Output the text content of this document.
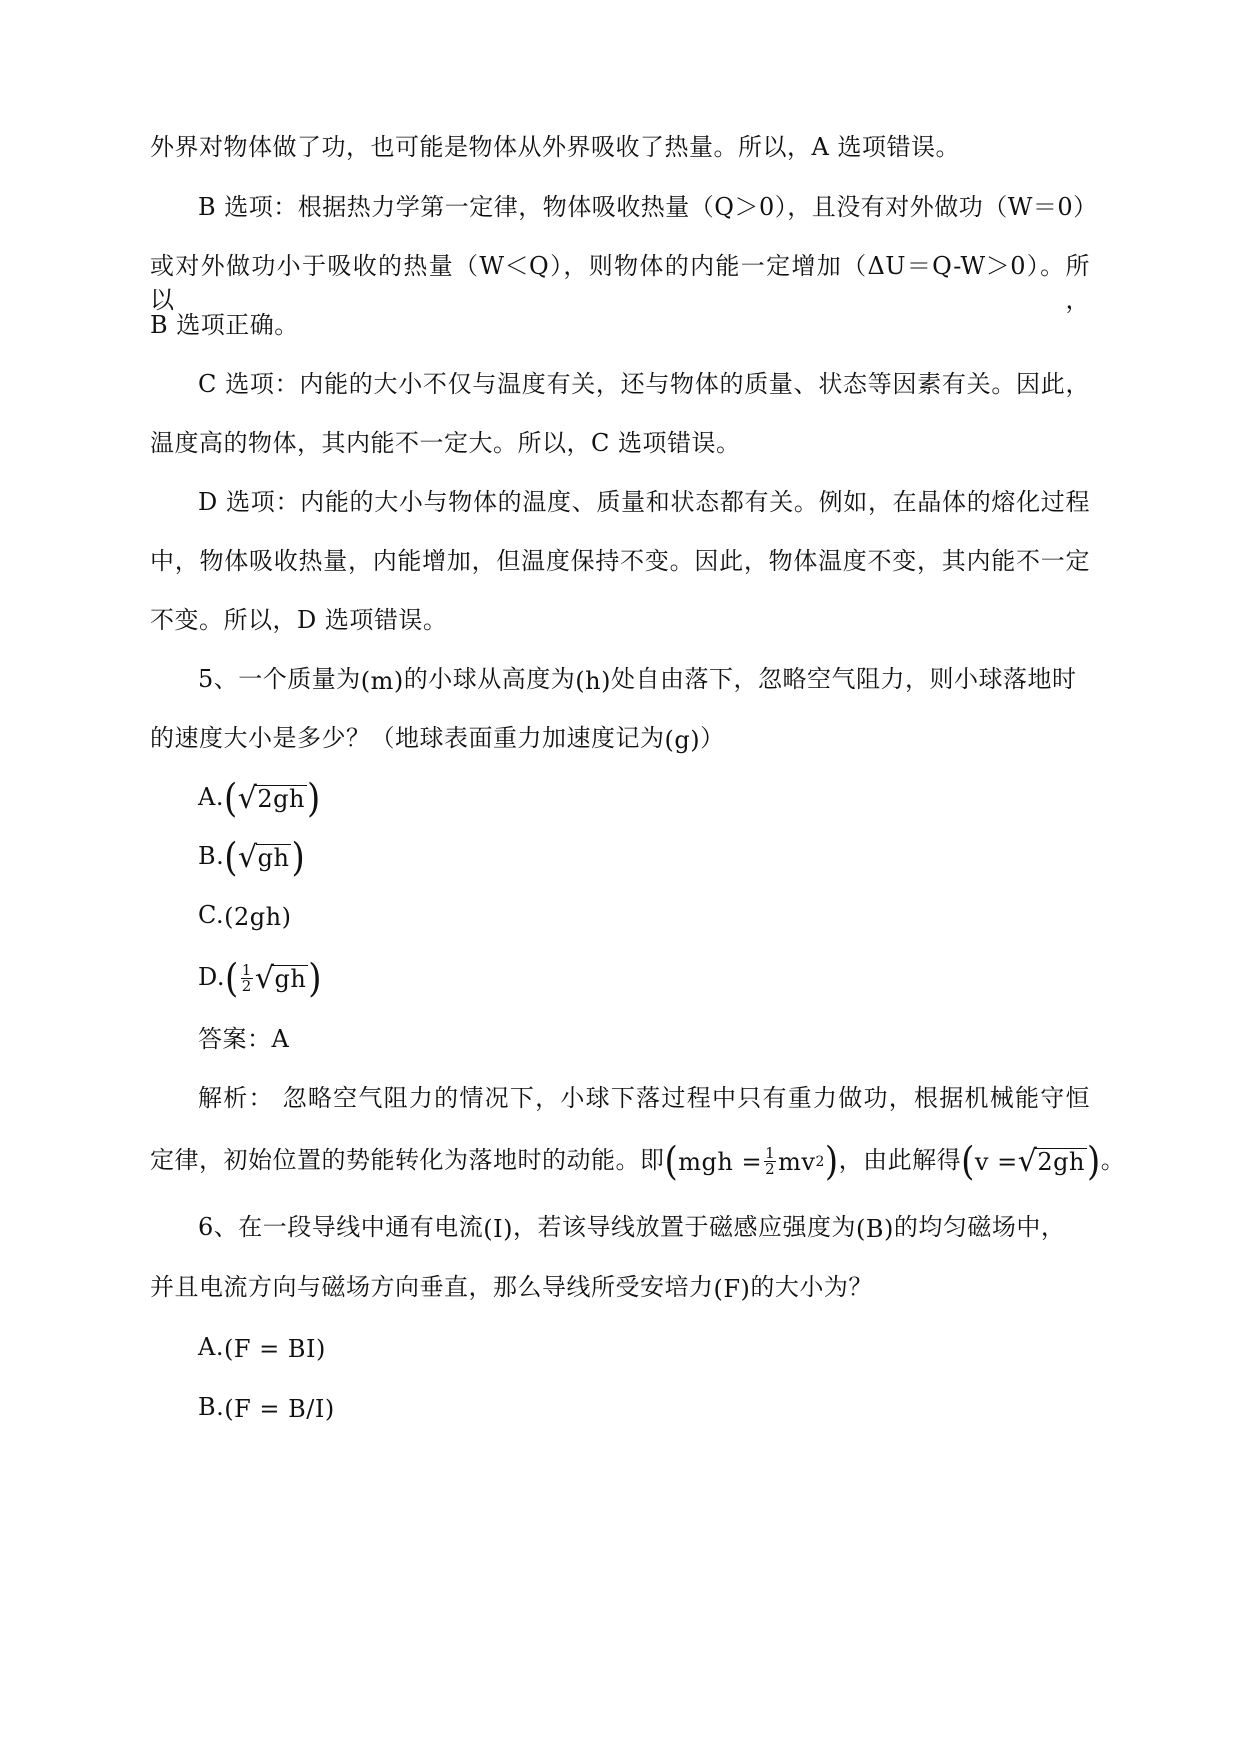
外界对物体做了功，也可能是物体从外界吸收了热量。所以，A 选项错误。
B 选项：根据热力学第一定律，物体吸收热量（Q＞0），且没有对外做功（W＝0）
或对外做功小于吸收的热量（W＜Q），则物体的内能一定增加（ΔU＝Q-W＞0）。所以，
B 选项正确。
C 选项：内能的大小不仅与温度有关，还与物体的质量、状态等因素有关。因此，
温度高的物体，其内能不一定大。所以，C 选项错误。
D 选项：内能的大小与物体的温度、质量和状态都有关。例如，在晶体的熔化过程
中，物体吸收热量，内能增加，但温度保持不变。因此，物体温度不变，其内能不一定
不变。所以，D 选项错误。
5、一个质量为( m )的小球从高度为( h )处自由落下，忽略空气阻力，则小球落地时
的速度大小是多少？（地球表面重力加速度记为( g )）
A. ( √ 2gh )
B. ( √ gh )
C.(2gh)
D. ( $\frac{1}{2}$ √ gh )
答案：A
解析： 忽略空气阻力的情况下，小球下落过程中只有重力做功，根据机械能守恒
定律，初始位置的势能转化为落地时的动能。即 ( mgh = $\frac{1}{2}$ mv 2 ) ，由此解得 ( v = √ 2gh ) 。
6、在一段导线中通有电流( I )，若该导线放置于磁感应强度为( B )的均匀磁场中，
并且电流方向与磁场方向垂直，那么导线所受安培力( F )的大小为？
A.(F = BI)
B.(F = B/I)
